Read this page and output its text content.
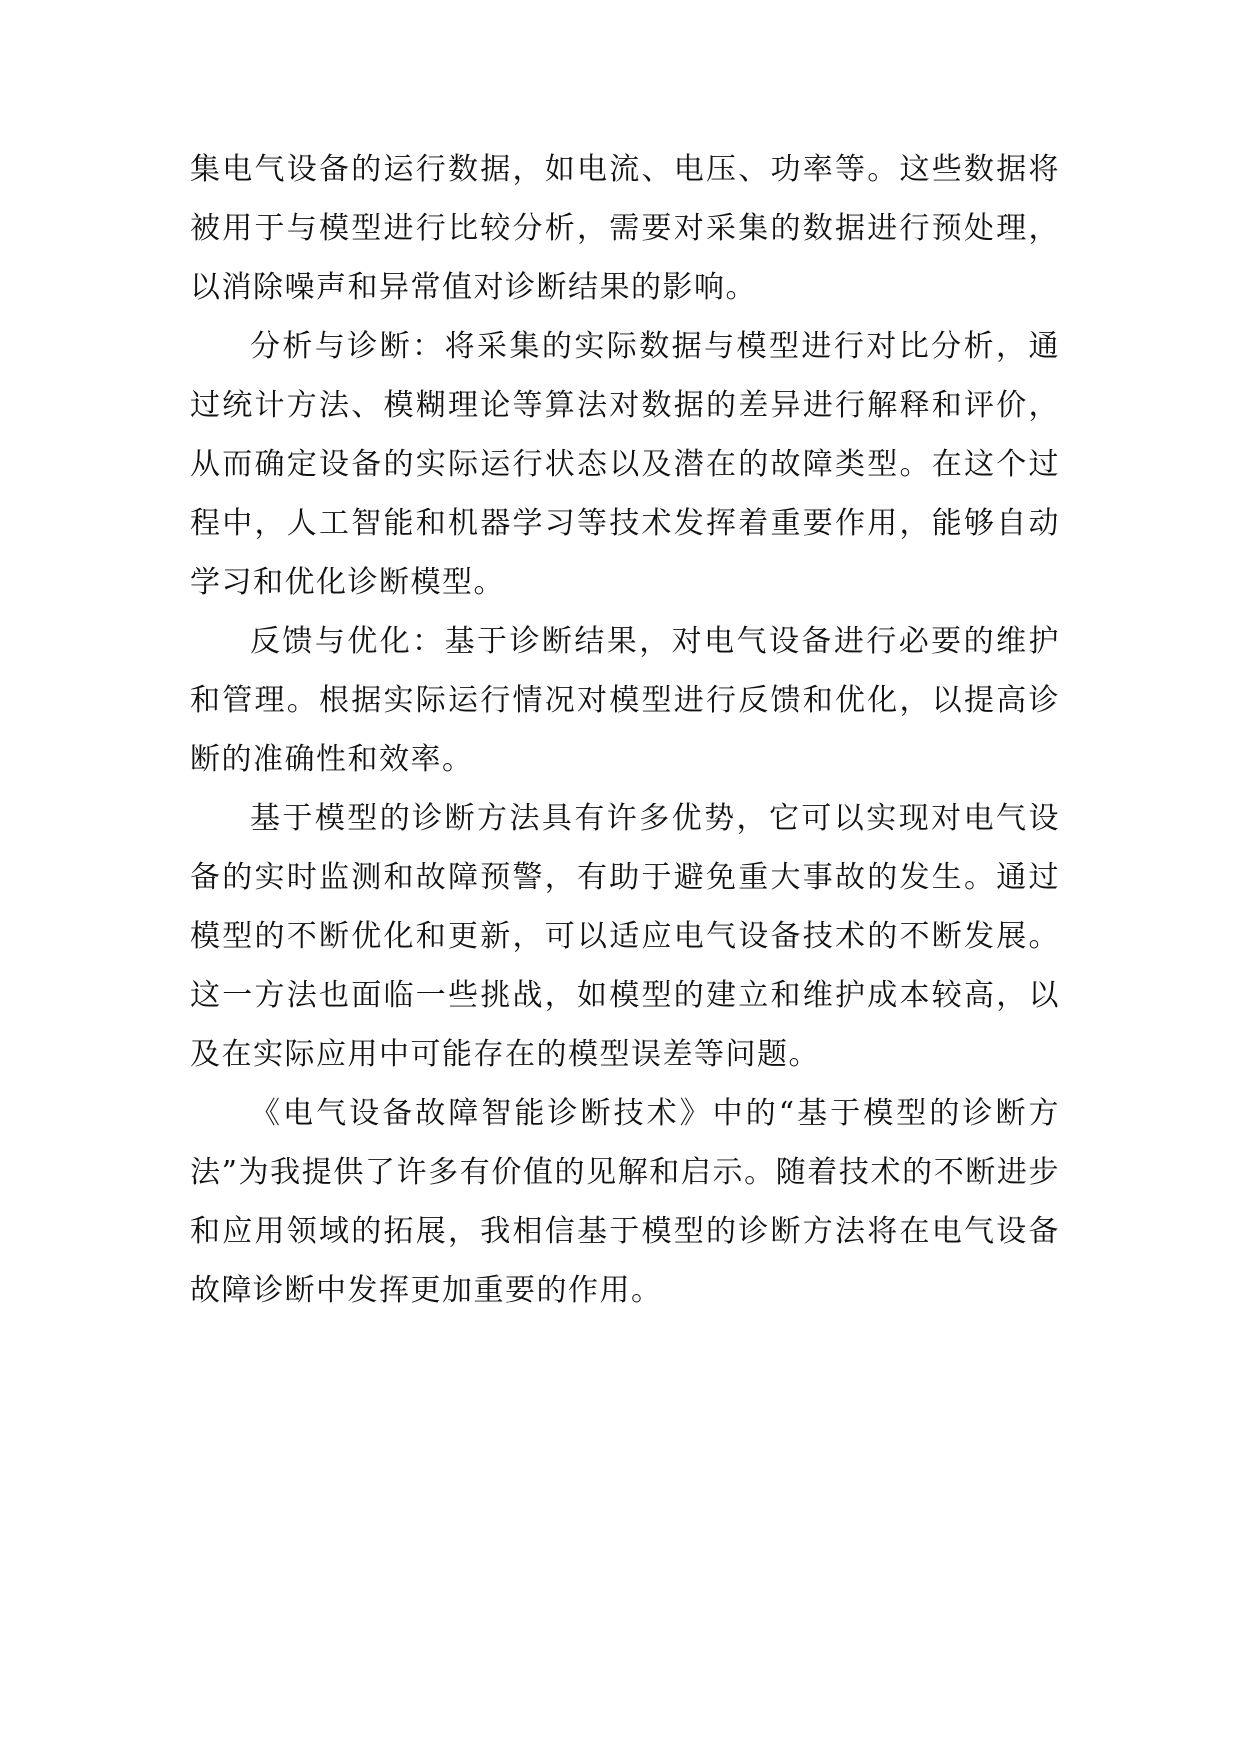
集电气设备的运行数据，如电流、电压、功率等。这些数据将被用于与模型进行比较分析，需要对采集的数据进行预处理，以消除噪声和异常值对诊断结果的影响。

分析与诊断：将采集的实际数据与模型进行对比分析，通过统计方法、模糊理论等算法对数据的差异进行解释和评价，从而确定设备的实际运行状态以及潜在的故障类型。在这个过程中，人工智能和机器学习等技术发挥着重要作用，能够自动学习和优化诊断模型。

反馈与优化：基于诊断结果，对电气设备进行必要的维护和管理。根据实际运行情况对模型进行反馈和优化，以提高诊断的准确性和效率。

基于模型的诊断方法具有许多优势，它可以实现对电气设备的实时监测和故障预警，有助于避免重大事故的发生。通过模型的不断优化和更新，可以适应电气设备技术的不断发展。这一方法也面临一些挑战，如模型的建立和维护成本较高，以及在实际应用中可能存在的模型误差等问题。

《电气设备故障智能诊断技术》中的“基于模型的诊断方法”为我提供了许多有价值的见解和启示。随着技术的不断进步和应用领域的拓展，我相信基于模型的诊断方法将在电气设备故障诊断中发挥更加重要的作用。
